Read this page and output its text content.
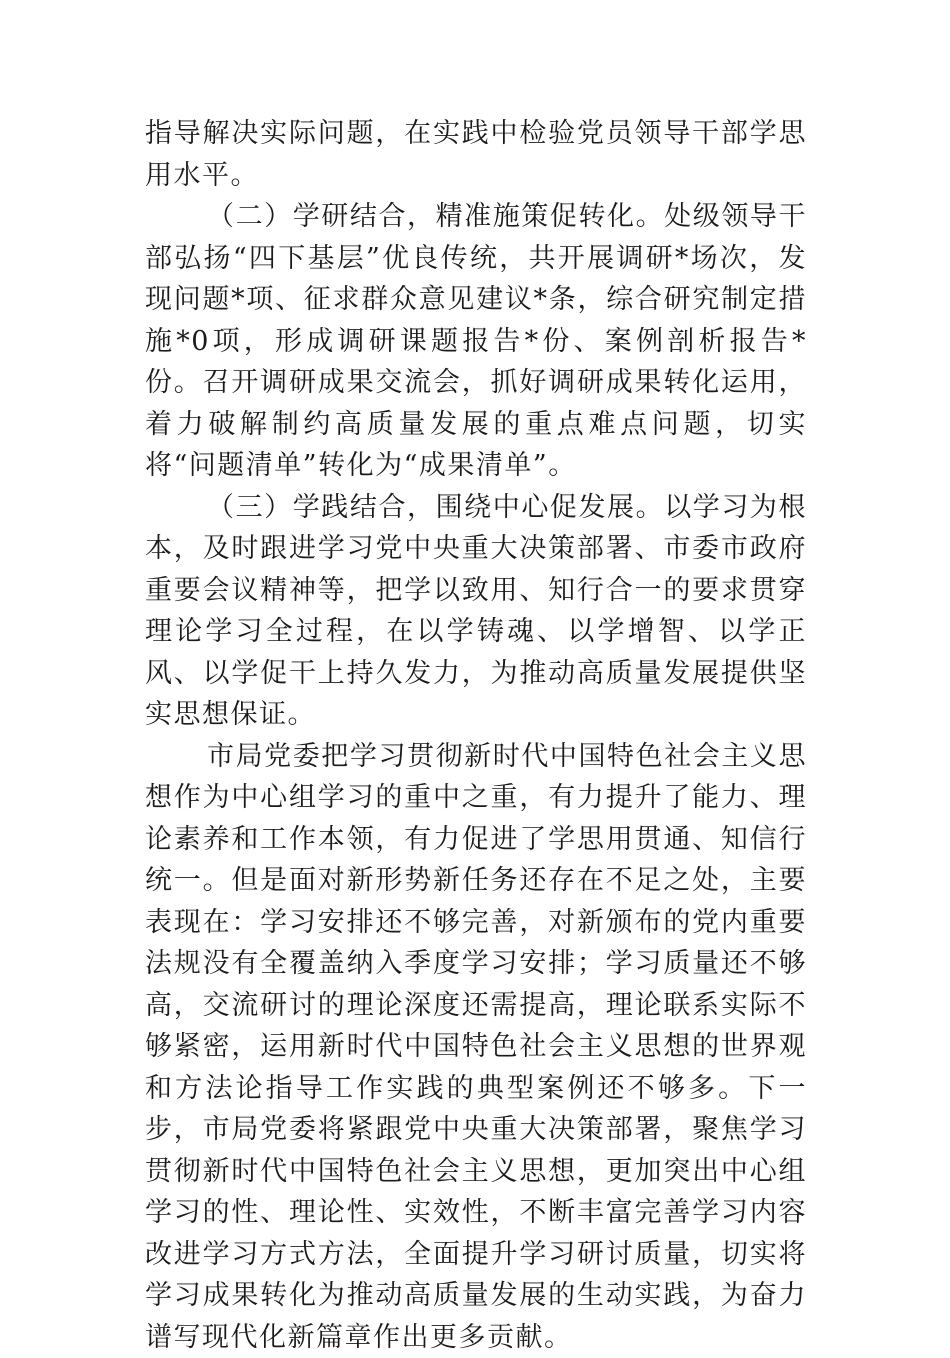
指导解决实际问题，在实践中检验党员领导干部学思用水平。

（二）学研结合，精准施策促转化。处级领导干部弘扬“四下基层”优良传统，共开展调研*场次，发现问题*项、征求群众意见建议*条，综合研究制定措施*0项，形成调研课题报告*份、案例剖析报告*份。召开调研成果交流会，抓好调研成果转化运用，着力破解制约高质量发展的重点难点问题，切实将“问题清单”转化为“成果清单”。

（三）学践结合，围绕中心促发展。以学习为根本，及时跟进学习党中央重大决策部署、市委市政府重要会议精神等，把学以致用、知行合一的要求贯穿理论学习全过程，在以学铸魂、以学增智、以学正风、以学促干上持久发力，为推动高质量发展提供坚实思想保证。

市局党委把学习贯彻新时代中国特色社会主义思想作为中心组学习的重中之重，有力提升了能力、理论素养和工作本领，有力促进了学思用贯通、知信行统一。但是面对新形势新任务还存在不足之处，主要表现在：学习安排还不够完善，对新颁布的党内重要法规没有全覆盖纳入季度学习安排；学习质量还不够高，交流研讨的理论深度还需提高，理论联系实际不够紧密，运用新时代中国特色社会主义思想的世界观和方法论指导工作实践的典型案例还不够多。下一步，市局党委将紧跟党中央重大决策部署，聚焦学习贯彻新时代中国特色社会主义思想，更加突出中心组学习的性、理论性、实效性，不断丰富完善学习内容改进学习方式方法，全面提升学习研讨质量，切实将学习成果转化为推动高质量发展的生动实践，为奋力谱写现代化新篇章作出更多贡献。
